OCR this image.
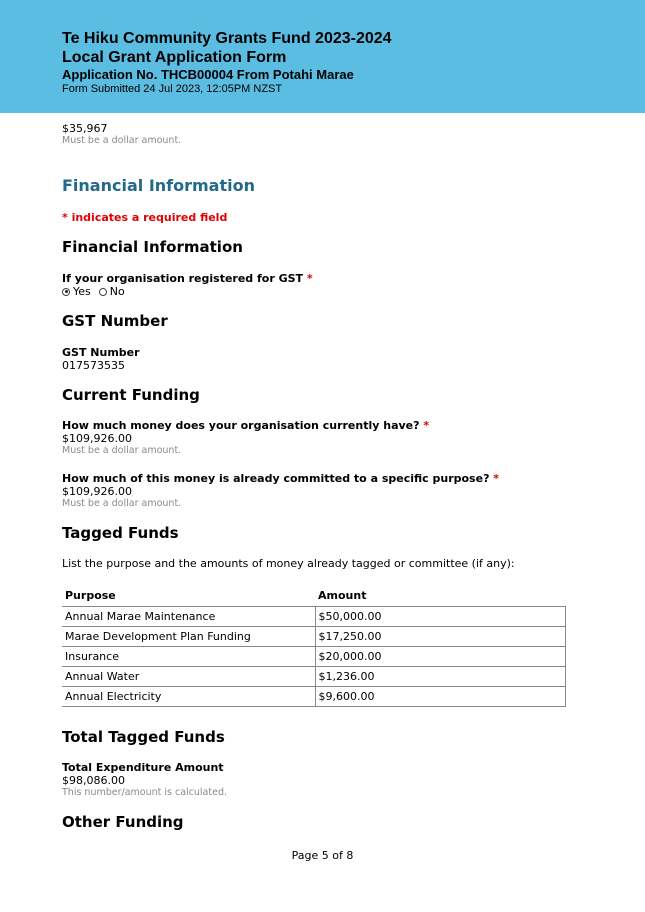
Te Hiku Community Grants Fund 2023-2024
Local Grant Application Form
Application No. THCB00004 From Potahi Marae
Form Submitted 24 Jul 2023, 12:05PM NZST
$35,967
Must be a dollar amount.
Financial Information
* indicates a required field
Financial Information
If your organisation registered for GST *
Yes No
GST Number
GST Number
017573535
Current Funding
How much money does your organisation currently have? *
$109,926.00
Must be a dollar amount.
How much of this money is already committed to a specific purpose? *
$109,926.00
Must be a dollar amount.
Tagged Funds
List the purpose and the amounts of money already tagged or committee (if any):
Purpose	Amount
Annual Marae Maintenance	$50,000.00
Marae Development Plan Funding	$17,250.00
Insurance	$20,000.00
Annual Water	$1,236.00
Annual Electricity	$9,600.00
Total Tagged Funds
Total Expenditure Amount
$98,086.00
This number/amount is calculated.
Other Funding
Page 5 of 8
